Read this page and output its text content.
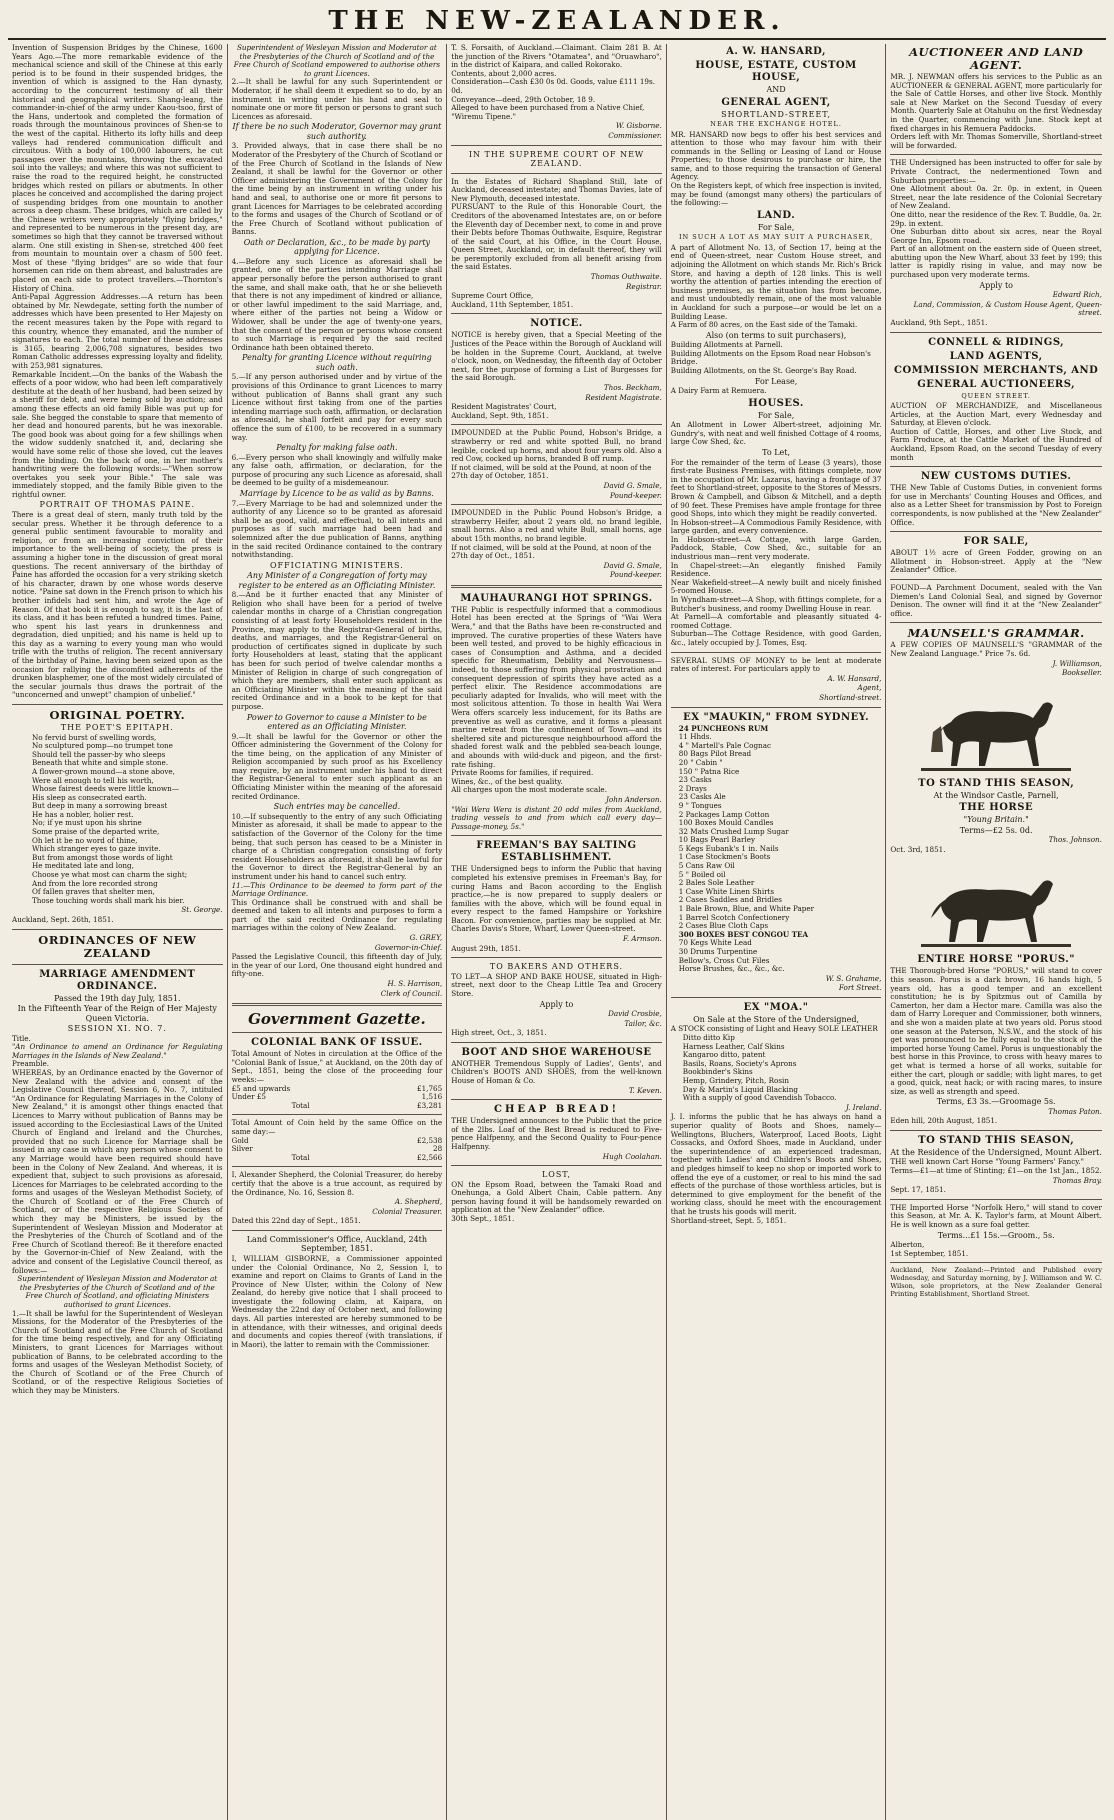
THE NEW-ZEALANDER.

Invention of Suspension Bridges by the Chinese, 1600 Years Ago.—The more remarkable evidence of the mechanical science and skill of the Chinese at this early period is to be found in their suspended bridges, the invention of which is assigned to the Han dynasty, according to the concurrent testimony of all their historical and geographical writers. Shang-leang, the commander-in-chief of the army under Kaou-tsoo, first of the Hans, undertook and completed the formation of roads through the mountainous provinces of Shen-se to the west of the capital. Hitherto its lofty hills and deep valleys had rendered communication difficult and circuitous. With a body of 100,000 labourers, he cut passages over the mountains, throwing the excavated soil into the valleys; and where this was not sufficient to raise the road to the required height, he constructed bridges which rested on pillars or abutments. In other places he conceived and accomplished the daring project of suspending bridges from one mountain to another across a deep chasm. These bridges, which are called by the Chinese writers very appropriately "flying bridges," and represented to be numerous in the present day, are sometimes so high that they cannot be traversed without alarm. One still existing in Shen-se, stretched 400 feet from mountain to mountain over a chasm of 500 feet. Most of these "flying bridges" are so wide that four horsemen can ride on them abreast, and balustrades are placed on each side to protect travellers.—Thornton's History of China.

Anti-Papal Aggression Addresses.—A return has been obtained by Mr. Newdegate, setting forth the number of addresses which have been presented to Her Majesty on the recent measures taken by the Pope with regard to this country, whence they emanated, and the number of signatures to each. The total number of these addresses is 3165, bearing 2,006,708 signatures, besides two Roman Catholic addresses expressing loyalty and fidelity, with 253,981 signatures.

Remarkable Incident.—On the banks of the Wabash the effects of a poor widow, who had been left comparatively destitute at the death of her husband, had been seized by a sheriff for debt, and were being sold by auction; and among these effects an old family Bible was put up for sale. She begged the constable to spare that memento of her dead and honoured parents, but he was inexorable. The good book was about going for a few shillings when the widow suddenly snatched it, and, declaring she would have some relic of those she loved, cut the leaves from the binding. On the back of one, in her mother's handwriting were the following words:—"When sorrow overtakes you seek your Bible." The sale was immediately stopped, and the family Bible given to the rightful owner.

PORTRAIT OF THOMAS PAINE.

There is a great deal of stern, manly truth told by the secular press. Whether it be through deference to a general public sentiment favourable to morality and religion, or from an increasing conviction of their importance to the well-being of society, the press is assuming a higher tone in the discussion of great moral questions. The recent anniversary of the birthday of Paine has afforded the occasion for a very striking sketch of his character, drawn by one whose words deserve notice. "Paine sat down in the French prison to which his brother infidels had sent him, and wrote the Age of Reason. Of that book it is enough to say, it is the last of its class, and it has been refuted a hundred times. Paine, who spent his last years in drunkenness and degradation, died unpitied; and his name is held up to this day as a warning to every young man who would trifle with the truths of religion. The recent anniversary of the birthday of Paine, having been seized upon as the occasion for rallying the discomfited adherents of the drunken blasphemer, one of the most widely circulated of the secular journals thus draws the portrait of the "unconcerned and unwept" champion of unbelief."

ORIGINAL POETRY.
THE POET'S EPITAPH.
No fervid burst of swelling words,
No sculptured pomp—no trumpet tone
Should tell the passer-by who sleeps
Beneath that white and simple stone.
A flower-grown mound—a stone above,
Were all enough to tell his worth,
Whose fairest deeds were little known—
His sleep as consecrated earth.
But deep in many a sorrowing breast
He has a nobler, holier rest.
No; if ye must upon his shrine
Some praise of the departed write,
Oh let it be no word of thine,
Which stranger eyes to gaze invite.
But from amongst those words of light
He meditated late and long,
Choose ye what most can charm the sight;
And from the lore recorded strong
Of fallen graves that shelter men,
Those touching words shall mark his bier.
St. George.
Auckland, Sept. 26th, 1851.
ORDINANCES OF NEW ZEALAND
MARRIAGE AMENDMENT ORDINANCE.
Passed the 19th day July, 1851.
In the Fifteenth Year of the Reign of Her Majesty Queen Victoria.
SESSION XI. NO. 7.
Title.

"An Ordinance to amend an Ordinance for Regulating Marriages in the Islands of New Zealand."

Preamble.

WHEREAS, by an Ordinance enacted by the Governor of New Zealand with the advice and consent of the Legislative Council thereof, Session 6, No. 7, intituled "An Ordinance for Regulating Marriages in the Colony of New Zealand," it is amongst other things enacted that Licences to Marry without publication of Banns may be issued according to the Ecclesiastical Laws of the United Church of England and Ireland and the Churches, provided that no such Licence for Marriage shall be issued in any case in which any person whose consent to any Marriage would have been required should have been in the Colony of New Zealand. And whereas, it is expedient that, subject to such provisions as aforesaid, Licences for Marriages to be celebrated according to the forms and usages of the Wesleyan Methodist Society, of the Church of Scotland or of the Free Church of Scotland, or of the respective Religious Societies of which they may be Ministers, be issued by the Superintendent of Wesleyan Mission and Moderator at the Presbyteries of the Church of Scotland and of the Free Church of Scotland thereof: Be it therefore enacted by the Governor-in-Chief of New Zealand, with the advice and consent of the Legislative Council thereof, as follows:—

Superintendent of Wesleyan Mission and Moderator at the Presbyteries of the Church of Scotland and of the Free Church of Scotland, and officiating Ministers authorised to grant Licences.

1.—It shall be lawful for the Superintendent of Wesleyan Missions, for the Moderator of the Presbyteries of the Church of Scotland and of the Free Church of Scotland for the time being respectively, and for any Officiating Ministers, to grant Licences for Marriages without publication of Banns, to be celebrated according to the forms and usages of the Wesleyan Methodist Society, of the Church of Scotland or of the Free Church of Scotland, or of the respective Religious Societies of which they may be Ministers.

Superintendent of Wesleyan Mission and Moderator at the Presbyteries of the Church of Scotland and of the Free Church of Scotland empowered to authorise others to grant Licences.

2.—It shall be lawful for any such Superintendent or Moderator, if he shall deem it expedient so to do, by an instrument in writing under his hand and seal to nominate one or more fit person or persons to grant such Licences as aforesaid.

If there be no such Moderator, Governor may grant such authority.

3. Provided always, that in case there shall be no Moderator of the Presbytery of the Church of Scotland or of the Free Church of Scotland in the Islands of New Zealand, it shall be lawful for the Governor or other Officer administering the Government of the Colony for the time being by an instrument in writing under his hand and seal, to authorise one or more fit persons to grant Licences for Marriages to be celebrated according to the forms and usages of the Church of Scotland or of the Free Church of Scotland without publication of Banns.

Oath or Declaration, &c., to be made by party applying for Licence.

4.—Before any such Licence as aforesaid shall be granted, one of the parties intending Marriage shall appear personally before the person authorised to grant the same, and shall make oath, that he or she believeth that there is not any impediment of kindred or alliance, or other lawful impediment to the said Marriage, and, where either of the parties not being a Widow or Widower, shall be under the age of twenty-one years, that the consent of the person or persons whose consent to such Marriage is required by the said recited Ordinance hath been obtained thereto.

Penalty for granting Licence without requiring such oath.

5.—If any person authorised under and by virtue of the provisions of this Ordinance to grant Licences to marry without publication of Banns shall grant any such Licence without first taking from one of the parties intending marriage such oath, affirmation, or declaration as aforesaid, he shall forfeit and pay for every such offence the sum of £100, to be recovered in a summary way.

Penalty for making false oath.

6.—Every person who shall knowingly and wilfully make any false oath, affirmation, or declaration, for the purpose of procuring any such Licence as aforesaid, shall be deemed to be guilty of a misdemeanour.

Marriage by Licence to be as valid as by Banns.

7.—Every Marriage to be had and solemnized under the authority of any Licence so to be granted as aforesaid shall be as good, valid, and effectual, to all intents and purposes as if such marriage had been had and solemnized after the due publication of Banns, anything in the said recited Ordinance contained to the contrary notwithstanding.

OFFICIATING MINISTERS.
Any Minister of a Congregation of forty may register to be entered as an Officiating Minister.

8.—And be it further enacted that any Minister of Religion who shall have been for a period of twelve calendar months in charge of a Christian congregation consisting of at least forty Householders resident in the Province, may apply to the Registrar-General of births, deaths, and marriages, and the Registrar-General on production of certificates signed in duplicate by such forty Householders at least, stating that the applicant has been for such period of twelve calendar months a Minister of Religion in charge of such congregation of which they are members, shall enter such applicant as an Officiating Minister within the meaning of the said recited Ordinance and in a book to be kept for that purpose.

Power to Governor to cause a Minister to be entered as an Officiating Minister.

9.—It shall be lawful for the Governor or other the Officer administering the Government of the Colony for the time being, on the application of any Minister of Religion accompanied by such proof as his Excellency may require, by an instrument under his hand to direct the Registrar-General to enter such applicant as an Officiating Minister within the meaning of the aforesaid recited Ordinance.

Such entries may be cancelled.

10.—If subsequently to the entry of any such Officiating Minister as aforesaid, it shall be made to appear to the satisfaction of the Governor of the Colony for the time being, that such person has ceased to be a Minister in charge of a Christian congregation consisting of forty resident Householders as aforesaid, it shall be lawful for the Governor to direct the Registrar-General by an instrument under his hand to cancel such entry.

11.—This Ordinance to be deemed to form part of the Marriage Ordinance.

This Ordinance shall be construed with and shall be deemed and taken to all intents and purposes to form a part of the said recited Ordinance for regulating marriages within the colony of New Zealand.

G. GREY,
Governor-in-Chief.

Passed the Legislative Council, this fifteenth day of July, in the year of our Lord, One thousand eight hundred and fifty-one.

H. S. Harrison,
Clerk of Council.
Government Gazette.
COLONIAL BANK OF ISSUE.

Total Amount of Notes in circulation at the Office of the "Colonial Bank of Issue," at Auckland, on the 20th day of Sept., 1851, being the close of the proceeding four weeks:—

£5 and upwards	£1,765
Under £5	1,516
Total	£3,281

Total Amount of Coin held by the same Office on the same day:—

Gold	£2,538
Silver	28
Total	£2,566

I, Alexander Shepherd, the Colonial Treasurer, do hereby certify that the above is a true account, as required by the Ordinance, No. 16, Session 8.

A. Shepherd,
Colonial Treasurer.
Dated this 22nd day of Sept., 1851.
Land Commissioner's Office, Auckland, 24th September, 1851.

I, WILLIAM GISBORNE, a Commissioner appointed under the Colonial Ordinance, No 2, Session I, to examine and report on Claims to Grants of Land in the Province of New Ulster, within the Colony of New Zealand, do hereby give notice that I shall proceed to investigate the following claim, at Kaipara, on Wednesday the 22nd day of October next, and following days. All parties interested are hereby summoned to be in attendance, with their witnesses, and original deeds and documents and copies thereof (with translations, if in Maori), the latter to remain with the Commissioner.

T. S. Forsaith, of Auckland.—Claimant. Claim 281 B. At the junction of the Rivers "Otamatea", and "Oruawharo", in the district of Kaipara, and called Rokorako.

Contents, about 2,000 acres.
Consideration—Cash £30 0s 0d. Goods, value £111 19s. 0d.
Conveyance—deed, 29th October, 18 9.
Alleged to have been purchased from a Native Chief, "Wiremu Tipene."
W. Gisborne.
Commissioner.
IN THE SUPREME COURT OF NEW ZEALAND.

In the Estates of Richard Shapland Still, late of Auckland, deceased intestate; and Thomas Davies, late of New Plymouth, deceased intestate.

PURSUANT to the Rule of this Honorable Court, the Creditors of the abovenamed Intestates are, on or before the Eleventh day of December next, to come in and prove their Debts before Thomas Outhwaite, Esquire, Registrar of the said Court, at his Office, in the Court House, Queen Street, Auckland, or, in default thereof, they will be peremptorily excluded from all benefit arising from the said Estates.

Thomas Outhwaite.
Registrar.
Supreme Court Office,
Auckland, 11th September, 1851.
NOTICE.

NOTICE is hereby given, that a Special Meeting of the Justices of the Peace within the Borough of Auckland will be holden in the Supreme Court, Auckland, at twelve o'clock, noon, on Wednesday, the fifteenth day of October next, for the purpose of forming a List of Burgesses for the said Borough.

Thos. Beckham,
Resident Magistrate.
Resident Magistrates' Court,
Auckland, Sept. 9th, 1851.

IMPOUNDED at the Public Pound, Hobson's Bridge, a strawberry or red and white spotted Bull, no brand legible, cocked up horns, and about four years old. Also a red Cow, cocked up horns, branded B off rump.

If not claimed, will be sold at the Pound, at noon of the 27th day of October, 1851.
David G. Smale,
Pound-keeper.

IMPOUNDED in the Public Pound Hobson's Bridge, a strawberry Heifer, about 2 years old, no brand legible, small horns. Also a red and white Bull, small horns, age about 15th months, no brand legible.

If not claimed, will be sold at the Pound, at noon of the 27th day of Oct., 1851.
David G. Smale,
Pound-keeper.
MAUHAURANGI HOT SPRINGS.

THE Public is respectfully informed that a commodious Hotel has been erected at the Springs of "Wai Wera Wera," and that the Baths have been re-constructed and improved. The curative properties of these Waters have been well tested, and proved to be highly efficacious in cases of Consumption and Asthma, and a decided specific for Rheumatism, Debility and Nervousness—indeed, to those suffering from physical prostration and consequent depression of spirits they have acted as a perfect elixir. The Residence accommodations are peculiarly adapted for Invalids, who will meet with the most solicitous attention. To those in health Wai Wera Wera offers scarcely less inducement, for its Baths are preventive as well as curative, and it forms a pleasant marine retreat from the confinement of Town—and its sheltered site and picturesque neighbourhood afford the shaded forest walk and the pebbled sea-beach lounge, and abounds with wild-duck and pigeon, and the first-rate fishing.

Private Rooms for families, if required.
Wines, &c., of the best quality.
All charges upon the most moderate scale.
John Anderson.

"Wai Wera Wera is distant 20 odd miles from Auckland, trading vessels to and from which call every day—Passage-money, 5s."

FREEMAN'S BAY SALTING ESTABLISHMENT.

THE Undersigned begs to inform the Public that having completed his extensive premises in Freeman's Bay, for curing Hams and Bacon according to the English practice,—he is now prepared to supply dealers or families with the above, which will be found equal in every respect to the famed Hampshire or Yorkshire Bacon. For convenience, parties may be supplied at Mr. Charles Davis's Store, Wharf, Lower Queen-street.

F. Armson.
August 29th, 1851.
TO BAKERS AND OTHERS.

TO LET—A SHOP AND BAKE HOUSE, situated in High-street, next door to the Cheap Little Tea and Grocery Store.

Apply to
David Crosbie,
Tailor, &c.
High street, Oct., 3, 1851.
BOOT AND SHOE WAREHOUSE

ANOTHER Tremendous Supply of Ladies', Gents', and Children's BOOTS AND SHOES, from the well-known House of Homan & Co.

T. Keven.
CHEAP BREAD!

THE Undersigned announces to the Public that the price of the 2lbs. Loaf of the Best Bread is reduced to Five-pence Halfpenny, and the Second Quality to Four-pence Halfpenny.

Hugh Coolahan.
LOST,

ON the Epsom Road, between the Tamaki Road and Onehunga, a Gold Albert Chain, Cable pattern. Any person having found it will be handsomely rewarded on application at the "New Zealander" office.

30th Sept., 1851.
A. W. HANSARD,
HOUSE, ESTATE, CUSTOM HOUSE,
AND
GENERAL AGENT,
SHORTLAND-STREET,
NEAR THE EXCHANGE HOTEL.

MR. HANSARD now begs to offer his best services and attention to those who may favour him with their commands in the Selling or Leasing of Land or House Properties; to those desirous to purchase or hire, the same, and to those requiring the transaction of General Agency.

On the Registers kept, of which free inspection is invited, may be found (amongst many others) the particulars of the following:—

LAND.
For Sale,
IN SUCH A LOT AS MAY SUIT A PURCHASER,

A part of Allotment No. 13, of Section 17, being at the end of Queen-street, near Custom House street, and adjoining the Allotment on which stands Mr. Rich's Brick Store, and having a depth of 128 links. This is well worthy the attention of parties intending the erection of business premises, as the situation has from become, and must undoubtedly remain, one of the most valuable in Auckland for such a purpose—or would be let on a Building Lease.

A Farm of 80 acres, on the East side of the Tamaki.
Also (on terms to suit purchasers),
Building Allotments at Parnell.
Building Allotments on the Epsom Road near Hobson's Bridge.
Building Allotments, on the St. George's Bay Road.
For Lease,
A Dairy Farm at Remuera.
HOUSES.
For Sale,

An Allotment in Lower Albert-street, adjoining Mr. Gundry's, with neat and well finished Cottage of 4 rooms, large Cow Shed, &c.

To Let,

For the remainder of the term of Lease (3 years), those first-rate Business Premises, with fittings complete, now in the occupation of Mr. Lazarus, having a frontage of 37 feet to Shortland-street, opposite to the Stores of Messrs. Brown & Campbell, and Gibson & Mitchell, and a depth of 90 feet. These Premises have ample frontage for three good Shops, into which they might be readily converted.

In Hobson-street—A Commodious Family Residence, with large garden, and every convenience.

In Hobson-street—A Cottage, with large Garden, Paddock, Stable, Cow Shed, &c., suitable for an industrious man—rent very moderate.

In Chapel-street:—An elegantly finished Family Residence.

Near Wakefield-street—A newly built and nicely finished 5-roomed House.

In Wyndham-street—A Shop, with fittings complete, for a Butcher's business, and roomy Dwelling House in rear.

At Parnell—A comfortable and pleasantly situated 4-roomed Cottage.

Suburban—The Cottage Residence, with good Garden, &c., lately occupied by J. Tomes, Esq.

SEVERAL SUMS OF MONEY to be lent at moderate rates of interest. For particulars apply to

A. W. Hansard,
Agent,
Shortland-street.
EX "MAUKIN," FROM SYDNEY.
24 PUNCHEONS RUM
11 Hhds.
4 " Martell's Pale Cognac
80 Bags Pilot Bread
20 " Cabin "
150 " Patna Rice
23 Casks
2 Drays
23 Casks Ale
9 " Tongues
2 Packages Lamp Cotton
100 Boxes Mould Candles
32 Mats Crushed Lump Sugar
10 Bags Pearl Barley
5 Kegs Eubank's 1 in. Nails
1 Case Stockmen's Boots
5 Cans Raw Oil
5 " Boiled oil
2 Bales Sole Leather
1 Case White Linen Shirts
2 Cases Saddles and Bridles
1 Bale Brown, Blue, and White Paper
1 Barrel Scotch Confectionery
2 Cases Blue Cloth Caps
300 BOXES BEST CONGOU TEA
70 Kegs White Lead
30 Drums Turpentine
Bellow's, Cross Cut Files
Horse Brushes, &c., &c., &c.
W. S. Grahame,
Fort Street.
EX "MOA."
On Sale at the Store of the Undersigned,

A STOCK consisting of Light and Heavy SOLE LEATHER

Ditto ditto Kip
Harness Leather, Calf Skins
Kangaroo ditto, patent
Basils, Roans, Society's Aprons
Bookbinder's Skins
Hemp, Grindery, Pitch, Rosin
Day & Martin's Liquid Blacking
With a supply of good Cavendish Tobacco.
J. Ireland.

J. I. informs the public that he has always on hand a superior quality of Boots and Shoes, namely—Wellingtons, Bluchers, Waterproof, Laced Boots, Light Cossacks, and Oxford Shoes, made in Auckland, under the superintendence of an experienced tradesman, together with Ladies' and Children's Boots and Shoes, and pledges himself to keep no shop or imported work to offend the eye of a customer, or real to his mind the sad effects of the purchase of those worthless articles, but is determined to give employment for the benefit of the working class, should he meet with the encouragement that he trusts his goods will merit.

Shortland-street, Sept. 5, 1851.
AUCTIONEER AND LAND AGENT.

MR. J. NEWMAN offers his services to the Public as an AUCTIONEER & GENERAL AGENT, more particularly for the Sale of Cattle Horses, and other live Stock. Monthly sale at New Market on the Second Tuesday of every Month. Quarterly Sale at Otahuhu on the first Wednesday in the Quarter, commencing with June. Stock kept at fixed charges in his Remuera Paddocks.

Orders left with Mr. Thomas Somerville, Shortland-street will be forwarded.

THE Undersigned has been instructed to offer for sale by Private Contract, the nedermentioned Town and Suburban properties:—

One Allotment about 0a. 2r. 0p. in extent, in Queen Street, near the late residence of the Colonial Secretary of New Zealand.

One ditto, near the residence of the Rev. T. Buddle, 0a. 2r. 29p. in extent.

One Suburban ditto about six acres, near the Royal George Inn, Epsom road.

Part of an allotment on the eastern side of Queen street, abutting upon the New Wharf, about 33 feet by 199; this latter is rapidly rising in value, and may now be purchased upon very moderate terms.

Apply to
Edward Rich,
Land, Commission, & Custom House Agent, Queen-street.
Auckland, 9th Sept., 1851.
CONNELL & RIDINGS,
LAND AGENTS,
COMMISSION MERCHANTS, AND
GENERAL AUCTIONEERS,
QUEEN STREET.

AUCTION OF MERCHANDIZE, and Miscellaneous Articles, at the Auction Mart, every Wednesday and Saturday, at Eleven o'clock.

Auction of Cattle, Horses, and other Live Stock, and Farm Produce, at the Cattle Market of the Hundred of Auckland, Epsom Road, on the second Tuesday of every month

NEW CUSTOMS DUTIES.

THE New Table of Customs Duties, in convenient forms for use in Merchants' Counting Houses and Offices, and also as a Letter Sheet for transmission by Post to Foreign correspondents, is now published at the "New Zealander" Office.

FOR SALE,

ABOUT 1½ acre of Green Fodder, growing on an Allotment in Hobson-street. Apply at the "New Zealander" Office.

FOUND—A Parchment Document, sealed with the Van Diemen's Land Colonial Seal, and signed by Governor Denison. The owner will find it at the "New Zealander" office.

MAUNSELL'S GRAMMAR.

A FEW COPIES OF MAUNSELL'S "GRAMMAR of the New Zealand Language." Price 7s. 6d.

J. Williamson,
Bookseller.
TO STAND THIS SEASON,
At the Windsor Castle, Parnell,
THE HORSE
"Young Britain."
Terms—£2 5s. 0d.
Thos. Johnson.
Oct. 3rd, 1851.
ENTIRE HORSE "PORUS."

THE Thorough-bred Horse "PORUS," will stand to cover this season. Porus is a dark brown, 16 hands high, 5 years old, has a good temper and an excellent constitution; he is by Spitzmus out of Camilla by Camerton, her dam a Hector mare. Camilla was also the dam of Harry Lorequer and Commissioner, both winners, and she won a maiden plate at two years old. Porus stood one season at the Paterson, N.S.W., and the stock of his get was pronounced to be fully equal to the stock of the imported horse Young Camel. Porus is unquestionably the best horse in this Province, to cross with heavy mares to get what is termed a horse of all works, suitable for either the cart, plough or saddle; with light mares, to get a good, quick, neat hack; or with racing mares, to insure size, as well as strength and speed.

Terms, £3 3s.—Groomage 5s.
Thomas Paton.
Eden hill, 20th August, 1851.
TO STAND THIS SEASON,
At the Residence of the Undersigned, Mount Albert.

THE well known Cart Horse "Young Farmers' Fancy."

Terms—£1—at time of Stinting; £1—on the 1st Jan., 1852.
Thomas Bray.
Sept. 17, 1851.

THE Imported Horse "Norfolk Hero," will stand to cover this Season, at Mr. A. K. Taylor's farm, at Mount Albert. He is well known as a sure foal getter.

Terms...£1 15s.—Groom., 5s.
Alberton,
1st September, 1851.

Auckland, New Zealand:—Printed and Published every Wednesday, and Saturday morning, by J. Williamson and W. C. Wilson, sole proprietors, at the New Zealander General Printing Establishment, Shortland Street.
